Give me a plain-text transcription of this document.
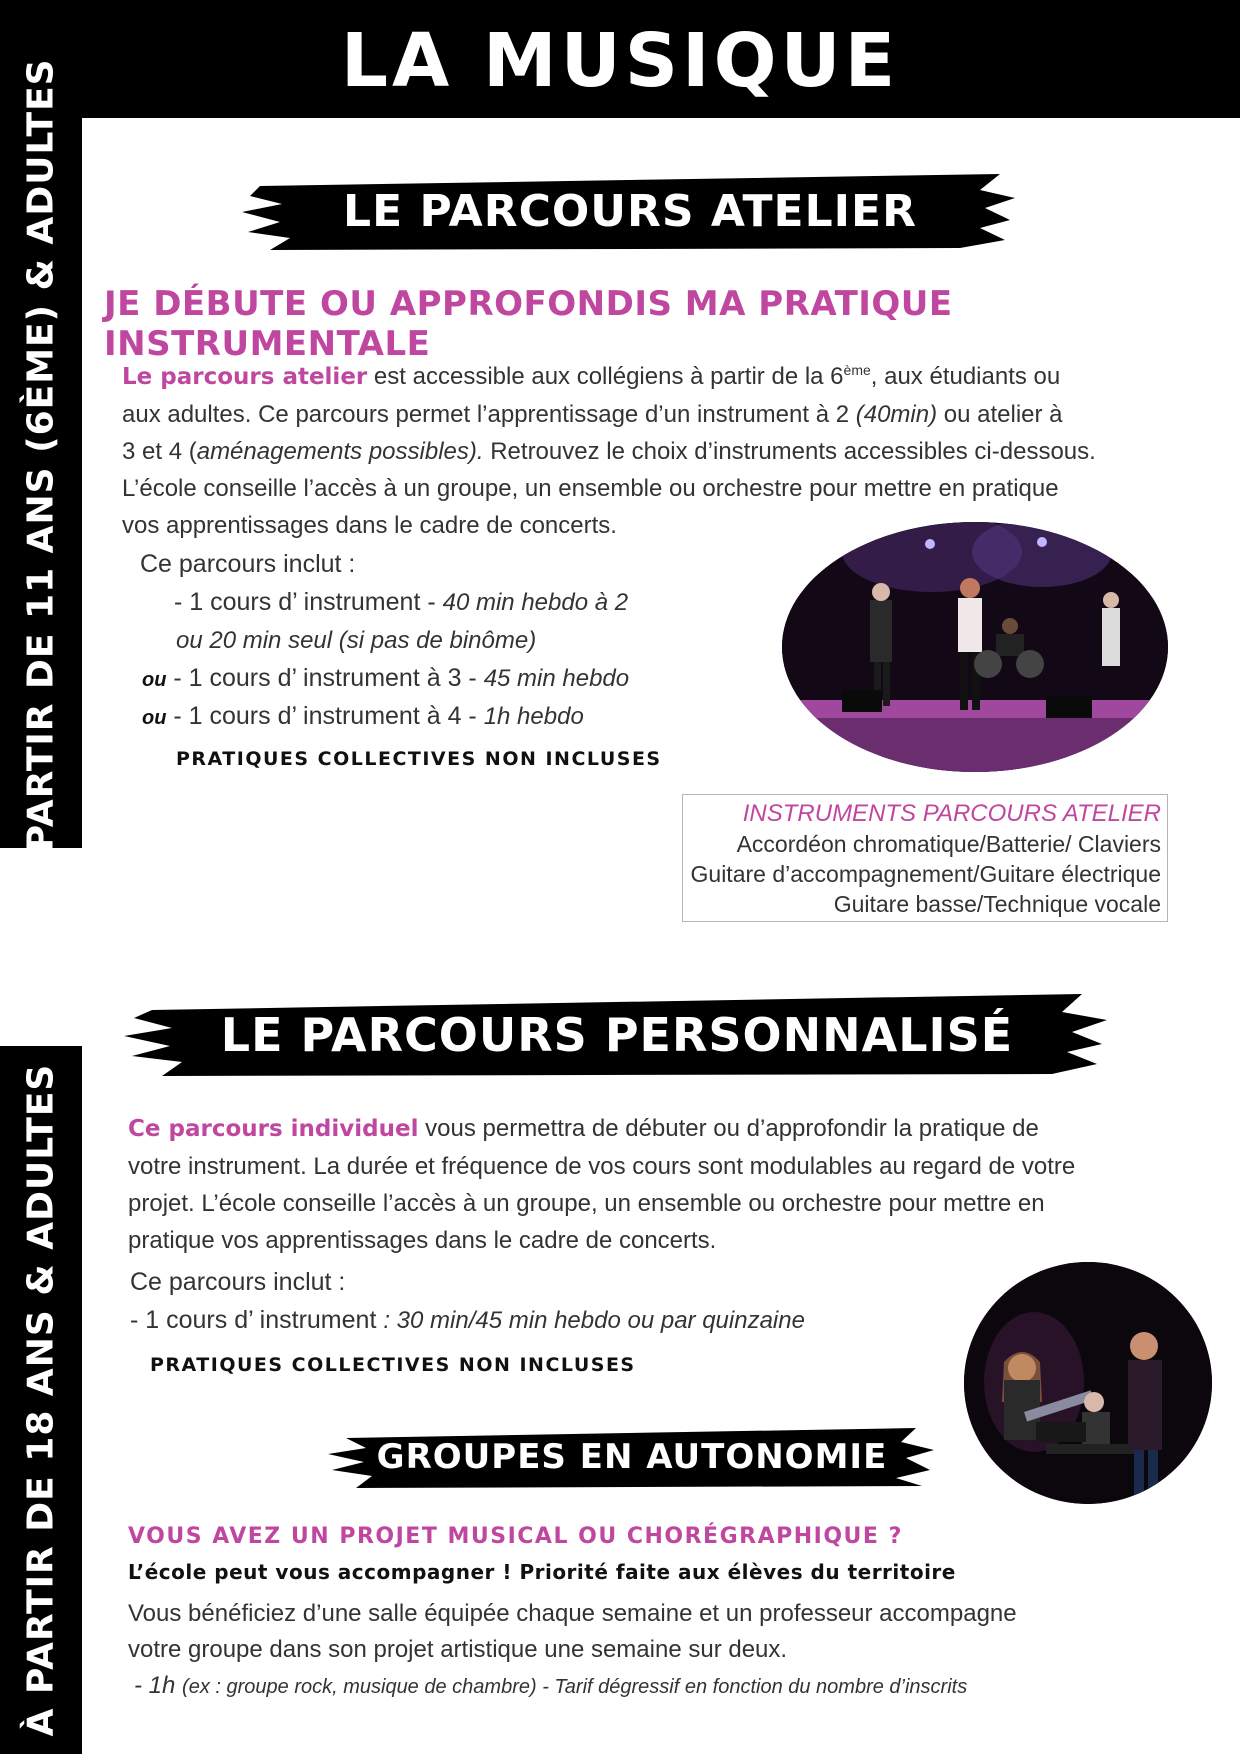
LA MUSIQUE
À PARTIR DE 11 ANS (6ÈME) & ADULTES
À PARTIR DE 18 ANS & ADULTES
LE PARCOURS ATELIER
JE DÉBUTE OU APPROFONDIS MA PRATIQUE INSTRUMENTALE

Le parcours atelier est accessible aux collégiens à partir de la 6ème, aux étudiants ou
aux adultes. Ce parcours permet l’apprentissage d’un instrument à 2 (40min) ou atelier à
3 et 4 (aménagements possibles). Retrouvez le choix d’instruments accessibles ci-dessous.
L’école conseille l’accès à un groupe, un ensemble ou orchestre pour mettre en pratique
vos apprentissages dans le cadre de concerts.

Ce parcours inclut :
- 1 cours d’ instrument - 40 min hebdo à 2
ou 20 min seul (si pas de binôme)
ou - 1 cours d’ instrument à 3 - 45 min hebdo
ou - 1 cours d’ instrument à 4 - 1h hebdo
PRATIQUES COLLECTIVES NON INCLUSES
INSTRUMENTS PARCOURS ATELIER
Accordéon chromatique/Batterie/ Claviers
Guitare d’accompagnement/Guitare électrique
Guitare basse/Technique vocale
LE PARCOURS PERSONNALISÉ

Ce parcours individuel vous permettra de débuter ou d’approfondir la pratique de
votre instrument. La durée et fréquence de vos cours sont modulables au regard de votre
projet. L’école conseille l’accès à un groupe, un ensemble ou orchestre pour mettre en
pratique vos apprentissages dans le cadre de concerts.

Ce parcours inclut :
- 1 cours d’ instrument : 30 min/45 min hebdo ou par quinzaine
PRATIQUES COLLECTIVES NON INCLUSES
GROUPES EN AUTONOMIE
VOUS AVEZ UN PROJET MUSICAL OU CHORÉGRAPHIQUE ?
L’école peut vous accompagner ! Priorité faite aux élèves du territoire

Vous bénéficiez d’une salle équipée chaque semaine et un professeur accompagne
votre groupe dans son projet artistique une semaine sur deux.

- 1h (ex : groupe rock, musique de chambre) - Tarif dégressif en fonction du nombre d’inscrits
